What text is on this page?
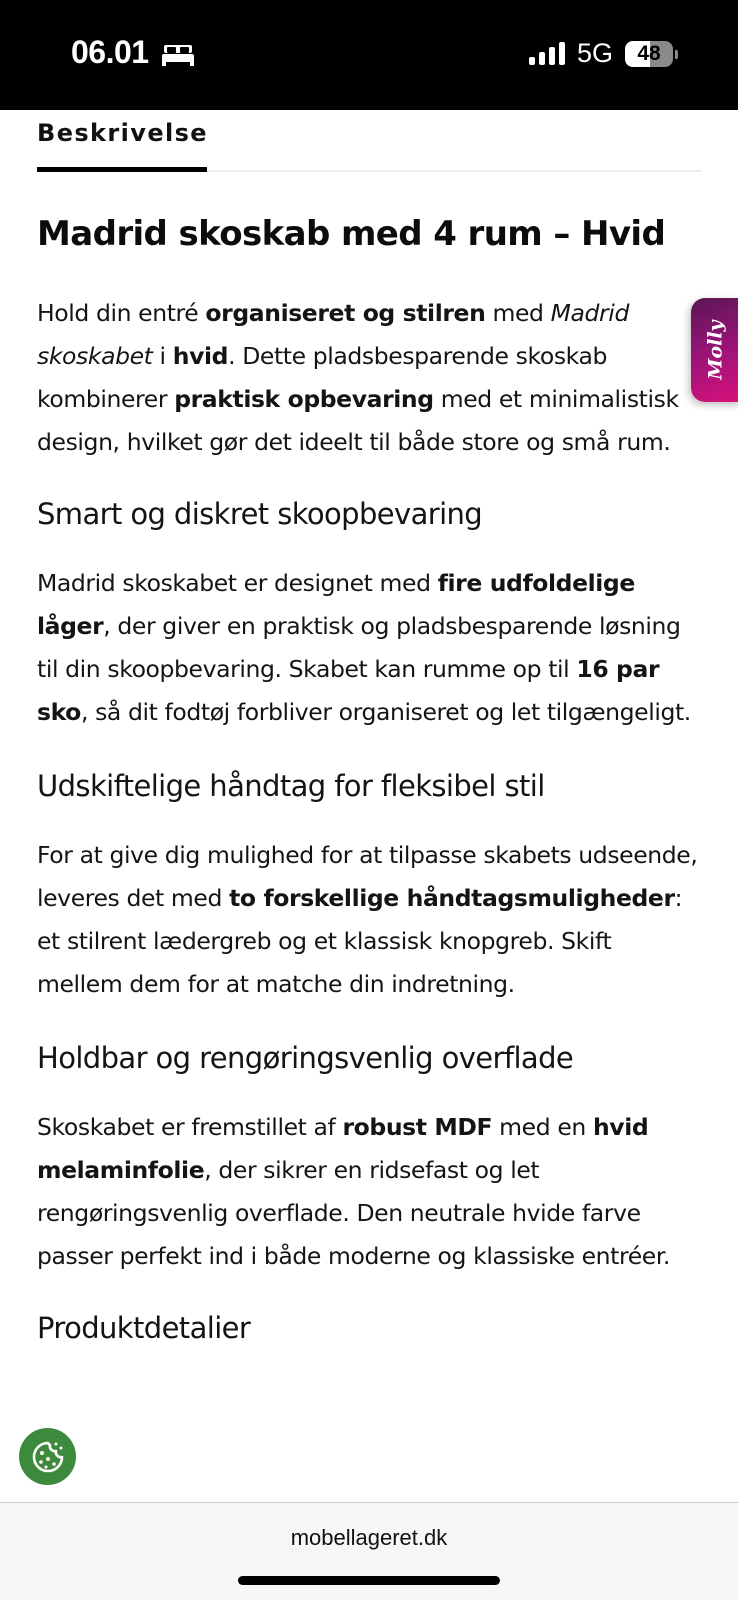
06.01	5G	48
Beskrivelse
Madrid skoskab med 4 rum – Hvid

Hold din entré organiseret og stilren med Madrid skoskabet i hvid. Dette pladsbesparende skoskab kombinerer praktisk opbevaring med et minimalistisk design, hvilket gør det ideelt til både store og små rum.

Smart og diskret skoopbevaring

Madrid skoskabet er designet med fire udfoldelige låger, der giver en praktisk og pladsbesparende løsning til din skoopbevaring. Skabet kan rumme op til 16 par sko, så dit fodtøj forbliver organiseret og let tilgængeligt.

Udskiftelige håndtag for fleksibel stil

For at give dig mulighed for at tilpasse skabets udseende, leveres det med to forskellige håndtagsmuligheder: et stilrent lædergreb og et klassisk knopgreb. Skift mellem dem for at matche din indretning.

Holdbar og rengøringsvenlig overflade

Skoskabet er fremstillet af robust MDF med en hvid melaminfolie, der sikrer en ridsefast og let rengøringsvenlig overflade. Den neutrale hvide farve passer perfekt ind i både moderne og klassiske entréer.

Produktdetalier
Molly
mobellageret.dk
